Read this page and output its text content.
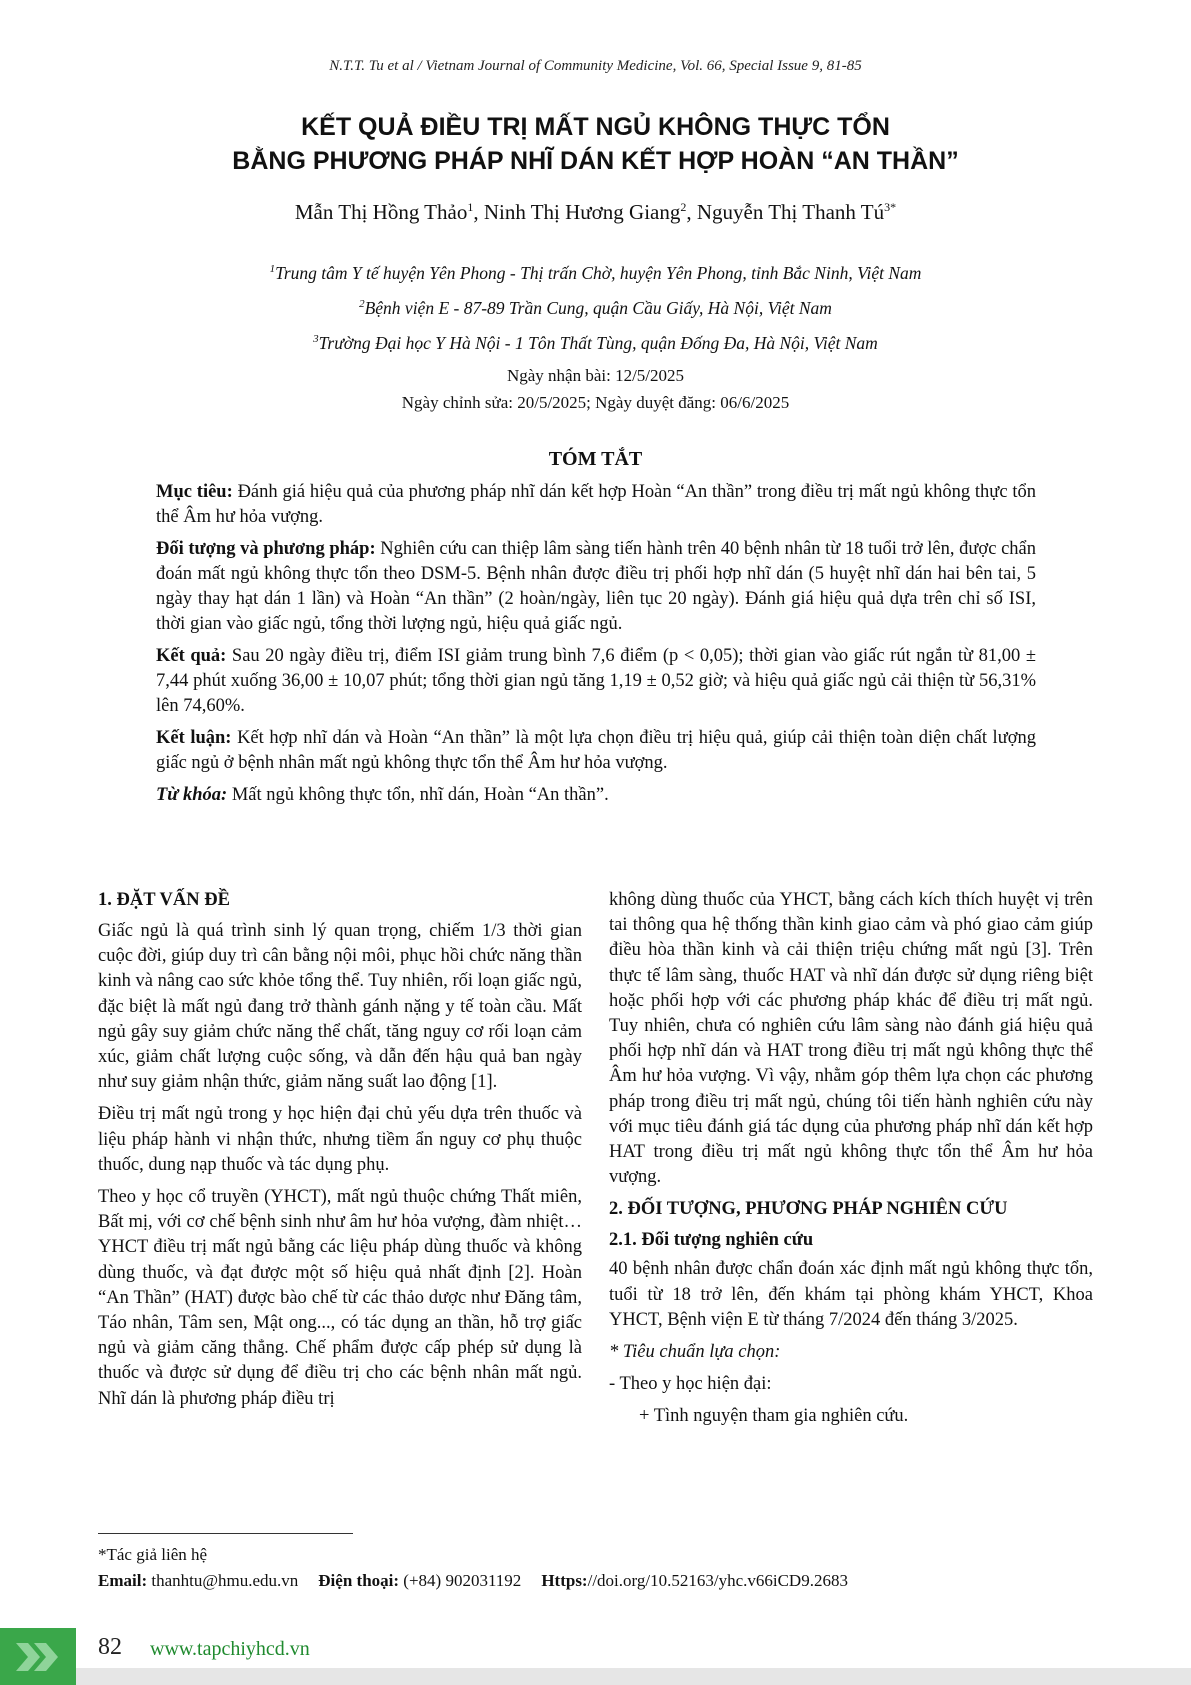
N.T.T. Tu et al / Vietnam Journal of Community Medicine, Vol. 66, Special Issue 9, 81-85
KẾT QUẢ ĐIỀU TRỊ MẤT NGỦ KHÔNG THỰC TỔN
BẰNG PHƯƠNG PHÁP NHĨ DÁN KẾT HỢP HOÀN “AN THẦN”
Mẫn Thị Hồng Thảo$^1$, Ninh Thị Hương Giang$^2$, Nguyễn Thị Thanh $Tú^{3*}$
$^1$Trung tâm Y tế huyện Yên Phong - Thị trấn Chờ, huyện Yên Phong, tỉnh Bắc Ninh, Việt Nam
$^2$Bệnh viện E - 87-89 Trần Cung, quận Cầu Giấy, Hà Nội, Việt Nam
$^3$Trường Đại học Y Hà Nội - 1 Tôn Thất Tùng, quận Đống Đa, Hà Nội, Việt Nam
Ngày nhận bài: 12/5/2025
Ngày chỉnh sửa: 20/5/2025; Ngày duyệt đăng: 06/6/2025
TÓM TẮT

Mục tiêu: Đánh giá hiệu quả của phương pháp nhĩ dán kết hợp Hoàn “An thần” trong điều trị mất ngủ không thực tổn thể Âm hư hỏa vượng.

Đối tượng và phương pháp: Nghiên cứu can thiệp lâm sàng tiến hành trên 40 bệnh nhân từ 18 tuổi trở lên, được chẩn đoán mất ngủ không thực tổn theo DSM-5. Bệnh nhân được điều trị phối hợp nhĩ dán (5 huyệt nhĩ dán hai bên tai, 5 ngày thay hạt dán 1 lần) và Hoàn “An thần” (2 hoàn/ngày, liên tục 20 ngày). Đánh giá hiệu quả dựa trên chỉ số ISI, thời gian vào giấc ngủ, tổng thời lượng ngủ, hiệu quả giấc ngủ.

Kết quả: Sau 20 ngày điều trị, điểm ISI giảm trung bình 7,6 điểm (p < 0,05); thời gian vào giấc rút ngắn từ 81,00 ± 7,44 phút xuống 36,00 ± 10,07 phút; tổng thời gian ngủ tăng 1,19 ± 0,52 giờ; và hiệu quả giấc ngủ cải thiện từ 56,31% lên 74,60%.

Kết luận: Kết hợp nhĩ dán và Hoàn “An thần” là một lựa chọn điều trị hiệu quả, giúp cải thiện toàn diện chất lượng giấc ngủ ở bệnh nhân mất ngủ không thực tổn thể Âm hư hỏa vượng.

Từ khóa: Mất ngủ không thực tổn, nhĩ dán, Hoàn “An thần”.

1. ĐẶT VẤN ĐỀ

Giấc ngủ là quá trình sinh lý quan trọng, chiếm 1/3 thời gian cuộc đời, giúp duy trì cân bằng nội môi, phục hồi chức năng thần kinh và nâng cao sức khỏe tổng thể. Tuy nhiên, rối loạn giấc ngủ, đặc biệt là mất ngủ đang trở thành gánh nặng y tế toàn cầu. Mất ngủ gây suy giảm chức năng thể chất, tăng nguy cơ rối loạn cảm xúc, giảm chất lượng cuộc sống, và dẫn đến hậu quả ban ngày như suy giảm nhận thức, giảm năng suất lao động [1].

Điều trị mất ngủ trong y học hiện đại chủ yếu dựa trên thuốc và liệu pháp hành vi nhận thức, nhưng tiềm ẩn nguy cơ phụ thuộc thuốc, dung nạp thuốc và tác dụng phụ.

Theo y học cổ truyền (YHCT), mất ngủ thuộc chứng Thất miên, Bất mị, với cơ chế bệnh sinh như âm hư hỏa vượng, đàm nhiệt… YHCT điều trị mất ngủ bằng các liệu pháp dùng thuốc và không dùng thuốc, và đạt được một số hiệu quả nhất định [2]. Hoàn “An Thần” (HAT) được bào chế từ các thảo dược như Đăng tâm, Táo nhân, Tâm sen, Mật ong..., có tác dụng an thần, hỗ trợ giấc ngủ và giảm căng thẳng. Chế phẩm được cấp phép sử dụng là thuốc và được sử dụng để điều trị cho các bệnh nhân mất ngủ. Nhĩ dán là phương pháp điều trị

không dùng thuốc của YHCT, bằng cách kích thích huyệt vị trên tai thông qua hệ thống thần kinh giao cảm và phó giao cảm giúp điều hòa thần kinh và cải thiện triệu chứng mất ngủ [3]. Trên thực tế lâm sàng, thuốc HAT và nhĩ dán được sử dụng riêng biệt hoặc phối hợp với các phương pháp khác để điều trị mất ngủ. Tuy nhiên, chưa có nghiên cứu lâm sàng nào đánh giá hiệu quả phối hợp nhĩ dán và HAT trong điều trị mất ngủ không thực thể Âm hư hỏa vượng. Vì vậy, nhằm góp thêm lựa chọn các phương pháp trong điều trị mất ngủ, chúng tôi tiến hành nghiên cứu này với mục tiêu đánh giá tác dụng của phương pháp nhĩ dán kết hợp HAT trong điều trị mất ngủ không thực tổn thể Âm hư hỏa vượng.

2. ĐỐI TƯỢNG, PHƯƠNG PHÁP NGHIÊN CỨU
2.1. Đối tượng nghiên cứu

40 bệnh nhân được chẩn đoán xác định mất ngủ không thực tổn, tuổi từ 18 trở lên, đến khám tại phòng khám YHCT, Khoa YHCT, Bệnh viện E từ tháng 7/2024 đến tháng 3/2025.

* Tiêu chuẩn lựa chọn:

- Theo y học hiện đại:

+ Tình nguyện tham gia nghiên cứu.

*Tác giả liên hệ
Email: thanhtu@hmu.edu.vn Điện thoại: (+84) 902031192 Https://doi.org/10.52163/yhc.v66iCD9.2683
82 www.tapchiyhcd.vn
